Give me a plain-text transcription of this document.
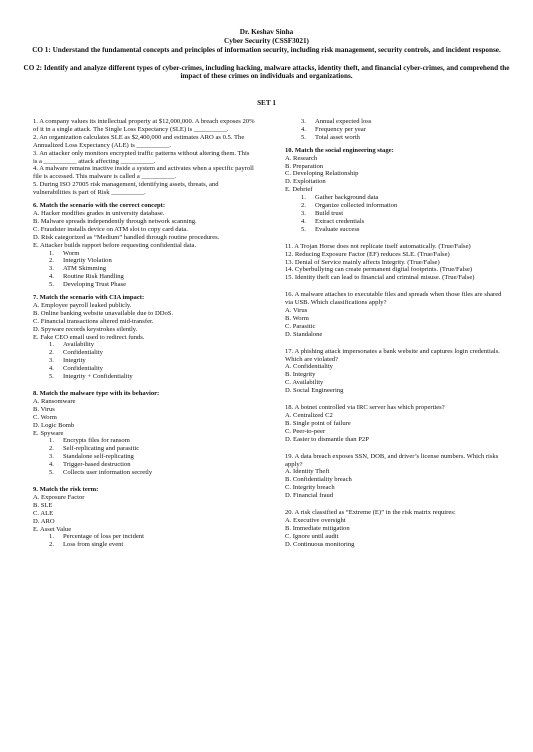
Dr. Keshav Sinha
Cyber Security (CSSF3021)
CO 1: Understand the fundamental concepts and principles of information security, including risk management, security controls, and incident response.
CO 2: Identify and analyze different types of cyber-crimes, including hacking, malware attacks, identity theft, and financial cyber-crimes, and comprehend the impact of these crimes on individuals and organizations.
SET 1

1. A company values its intellectual property at $12,000,000. A breach exposes 20% of it in a single attack. The Single Loss Expectancy (SLE) is __________.

2. An organization calculates SLE as $2,400,000 and estimates ARO as 0.5. The Annualized Loss Expectancy (ALE) is __________.

3. An attacker only monitors encrypted traffic patterns without altering them. This is a __________ attack affecting __________.

4. A malware remains inactive inside a system and activates when a specific payroll file is accessed. This malware is called a __________.

5. During ISO 27005 risk management, identifying assets, threats, and vulnerabilities is part of Risk __________.

6. Match the scenario with the correct concept:

A. Hacker modifies grades in university database.

B. Malware spreads independently through network scanning.

C. Fraudster installs device on ATM slot to copy card data.

D. Risk categorized as “Medium” handled through routine procedures.

E. Attacker builds rapport before requesting confidential data.

1. Worm
2. Integrity Violation
3. ATM Skimming
4. Routine Risk Handling
5. Developing Trust Phase

7. Match the scenario with CIA impact:

A. Employee payroll leaked publicly.

B. Online banking website unavailable due to DDoS.

C. Financial transactions altered mid-transfer.

D. Spyware records keystrokes silently.

E. Fake CEO email used to redirect funds.

1. Availability
2. Confidentiality
3. Integrity
4. Confidentiality
5. Integrity + Confidentiality

8. Match the malware type with its behavior:

A. Ransomware

B. Virus

C. Worm

D. Logic Bomb

E. Spyware

1. Encrypts files for ransom
2. Self-replicating and parasitic
3. Standalone self-replicating
4. Trigger-based destruction
5. Collects user information secretly

9. Match the risk term:

A. Exposure Factor

B. SLE

C. ALE

D. ARO

E. Asset Value

1. Percentage of loss per incident
2. Loss from single event
3. Annual expected loss
4. Frequency per year
5. Total asset worth

10. Match the social engineering stage:

A. Research

B. Preparation

C. Developing Relationship

D. Exploitation

E. Debrief

1. Gather background data
2. Organize collected information
3. Build trust
4. Extract credentials
5. Evaluate success

11. A Trojan Horse does not replicate itself automatically. (True/False)

12. Reducing Exposure Factor (EF) reduces SLE. (True/False)

13. Denial of Service mainly affects Integrity. (True/False)

14. Cyberbullying can create permanent digital footprints. (True/False)

15. Identity theft can lead to financial and criminal misuse. (True/False)

16. A malware attaches to executable files and spreads when those files are shared via USB. Which classifications apply?

A. Virus

B. Worm

C. Parasitic

D. Standalone

17. A phishing attack impersonates a bank website and captures login credentials. Which are violated?

A. Confidentiality

B. Integrity

C. Availability

D. Social Engineering

18. A botnet controlled via IRC server has which properties?

A. Centralized C2

B. Single point of failure

C. Peer-to-peer

D. Easier to dismantle than P2P

19. A data breach exposes SSN, DOB, and driver’s license numbers. Which risks apply?

A. Identity Theft

B. Confidentiality breach

C. Integrity breach

D. Financial fraud

20. A risk classified as “Extreme (E)” in the risk matrix requires:

A. Executive oversight

B. Immediate mitigation

C. Ignore until audit

D. Continuous monitoring
